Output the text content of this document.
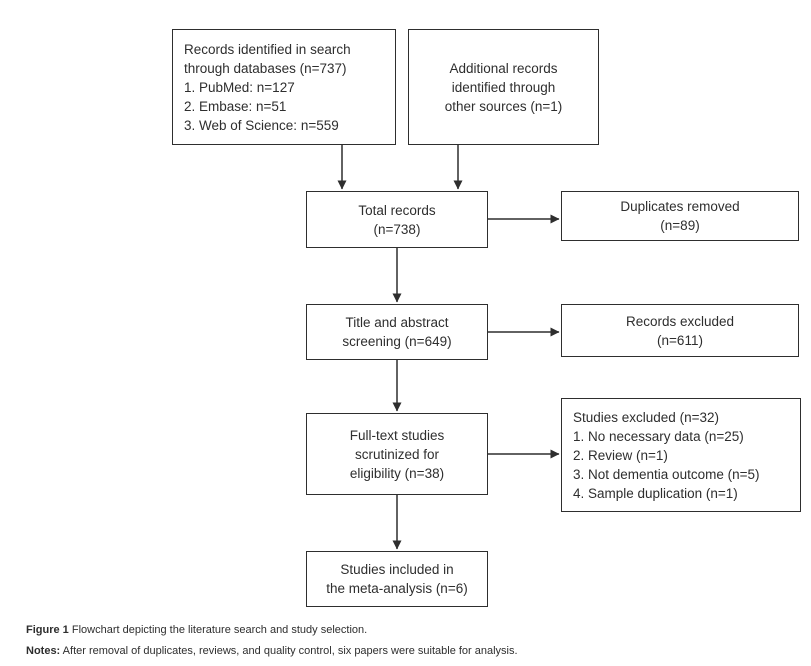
Records identified in search
through databases (n=737)
1. PubMed: n=127
2. Embase: n=51
3. Web of Science: n=559
Additional records
identified through
other sources (n=1)
Total records
(n=738)
Duplicates removed
(n=89)
Title and abstract
screening (n=649)
Records excluded
(n=611)
Full-text studies
scrutinized for
eligibility (n=38)
Studies excluded (n=32)
1. No necessary data (n=25)
2. Review (n=1)
3. Not dementia outcome (n=5)
4. Sample duplication (n=1)
Studies included in
the meta-analysis (n=6)
Figure 1 Flowchart depicting the literature search and study selection.
Notes: After removal of duplicates, reviews, and quality control, six papers were suitable for analysis.
